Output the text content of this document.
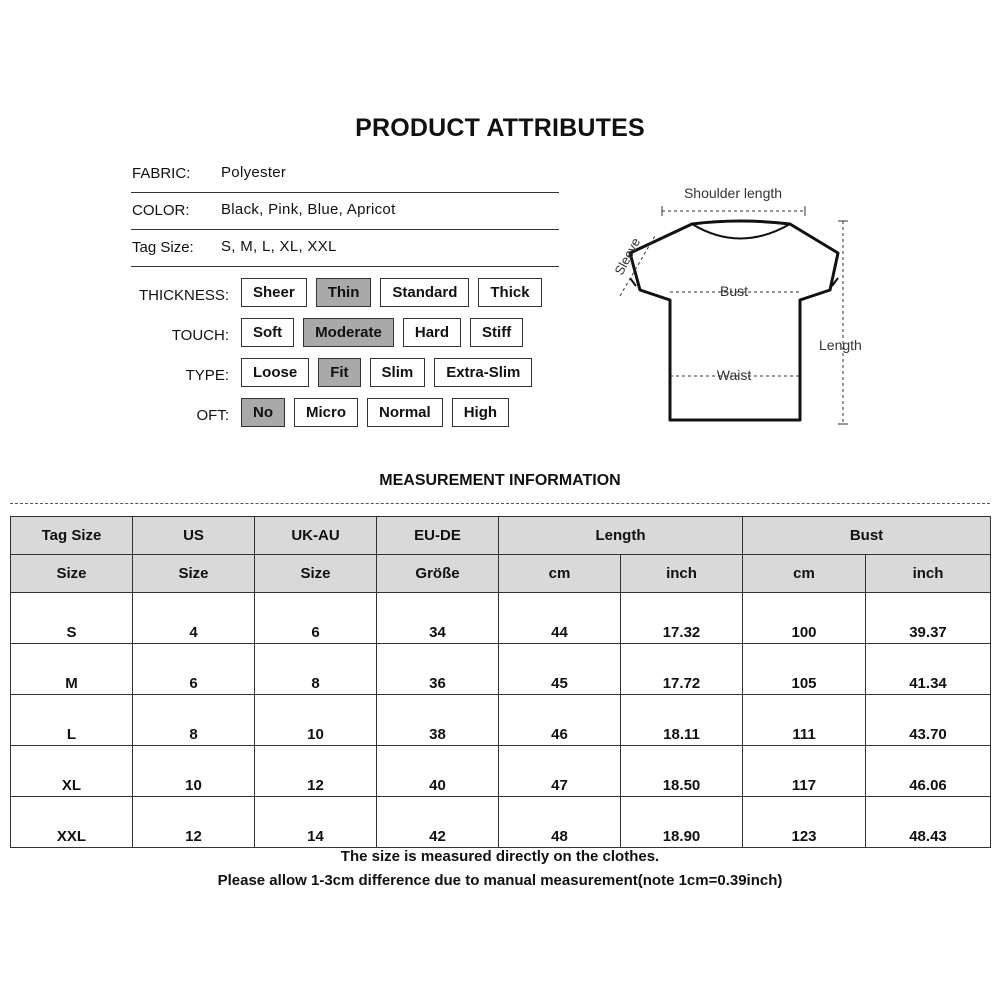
PRODUCT ATTRIBUTES
FABRIC: Polyester
COLOR: Black, Pink, Blue, Apricot
Tag Size: S, M, L, XL, XXL
THICKNESS:	Sheer	Thin	Standard	Thick
TOUCH:	Soft	Moderate	Hard	Stiff
TYPE:	Loose	Fit	Slim	Extra-Slim
OFT:	No	Micro	Normal	High
Shoulder length
Sleeve
Bust
Waist
Length
MEASUREMENT INFORMATION
Tag Size	US	UK-AU	EU-DE	Length		Bust	
Size	Size	Size	Größe	cm	inch	cm	inch
S	4	6	34	44	17.32	100	39.37
M	6	8	36	45	17.72	105	41.34
L	8	10	38	46	18.11	111	43.70
XL	10	12	40	47	18.50	117	46.06
XXL	12	14	42	48	18.90	123	48.43
The size is measured directly on the clothes.
Please allow 1-3cm difference due to manual measurement(note 1cm=0.39inch)
